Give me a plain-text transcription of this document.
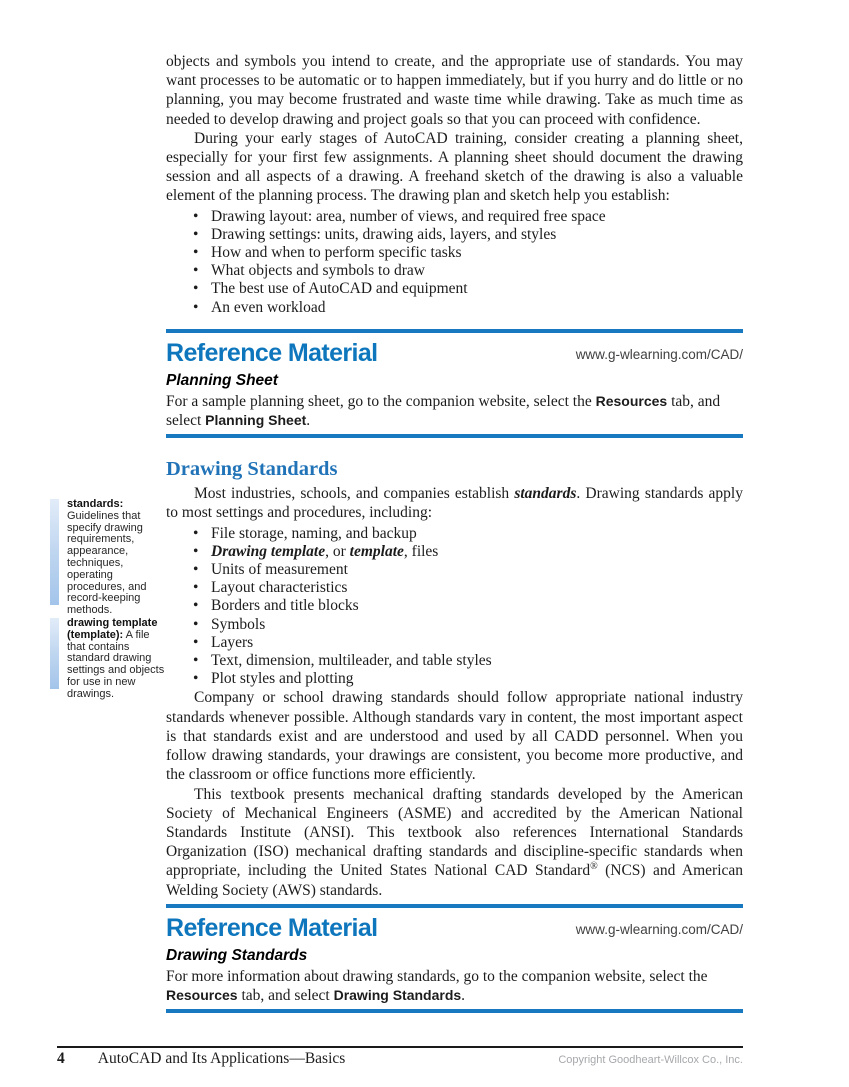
standards: Guidelines that specify drawing requirements, appearance, techniques, operating procedures, and record-keeping methods.
drawing template (template): A file that contains standard drawing settings and objects for use in new drawings.

objects and symbols you intend to create, and the appropriate use of standards. You may want processes to be automatic or to happen immediately, but if you hurry and do little or no planning, you may become frustrated and waste time while drawing. Take as much time as needed to develop drawing and project goals so that you can proceed with confidence.

During your early stages of AutoCAD training, consider creating a planning sheet, especially for your first few assignments. A planning sheet should document the drawing session and all aspects of a drawing. A freehand sketch of the drawing is also a valuable element of the planning process. The drawing plan and sketch help you establish:

• Drawing layout: area, number of views, and required free space
• Drawing settings: units, drawing aids, layers, and styles
• How and when to perform specific tasks
• What objects and symbols to draw
• The best use of AutoCAD and equipment
• An even workload
Reference Material	www.g-wlearning.com/CAD/
Planning Sheet
For a sample planning sheet, go to the companion website, select the Resources tab, and select Planning Sheet.
Drawing Standards

Most industries, schools, and companies establish standards. Drawing standards apply to most settings and procedures, including:

• File storage, naming, and backup
• Drawing template, or template, files
• Units of measurement
• Layout characteristics
• Borders and title blocks
• Symbols
• Layers
• Text, dimension, multileader, and table styles
• Plot styles and plotting

Company or school drawing standards should follow appropriate national industry standards whenever possible. Although standards vary in content, the most important aspect is that standards exist and are understood and used by all CADD personnel. When you follow drawing standards, your drawings are consistent, you become more productive, and the classroom or office functions more efficiently.

This textbook presents mechanical drafting standards developed by the American Society of Mechanical Engineers (ASME) and accredited by the American National Standards Institute (ANSI). This textbook also references International Standards Organization (ISO) mechanical drafting standards and discipline-specific standards when appropriate, including the United States National CAD Standard® (NCS) and American Welding Society (AWS) standards.

Reference Material	www.g-wlearning.com/CAD/
Drawing Standards
For more information about drawing standards, go to the companion website, select the Resources tab, and select Drawing Standards.
4 AutoCAD and Its Applications—Basics	Copyright Goodheart-Willcox Co., Inc.
